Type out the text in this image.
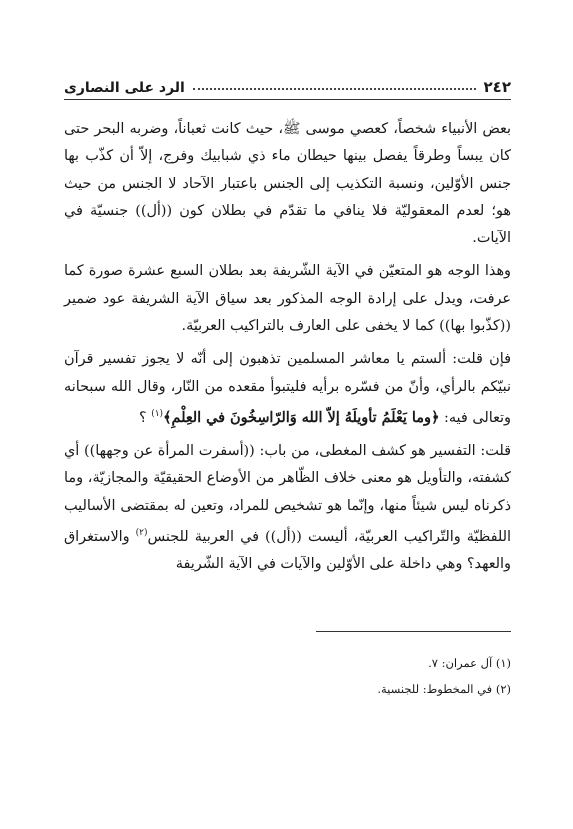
٢٤٢
الرد على النصارى

بعض الأنبياء شخصاً، كعصي موسى ﷺ، حيث كانت ثعباناً، وضربه البحر حتى كان يبساً وطرقاً يفصل بينها حيطان ماء ذي شبابيك وفرج، إلاّ أن كذّب بها جنس الأوّلين، ونسبة التكذيب إلى الجنس باعتبار الآحاد لا الجنس من حيث هو؛ لعدم المعقوليّة فلا ينافي ما تقدّم في بطلان كون ((أل)) جنسيّة في الآيات.

وهذا الوجه هو المتعيّن في الآية الشّريفة بعد بطلان السبع عشرة صورة كما عرفت، ويدل على إرادة الوجه المذكور بعد سياق الآية الشريفة عود ضمير ((كذّبوا بها)) كما لا يخفى على العارف بالتراكيب العربيّة.

فإن قلت: ألستم يا معاشر المسلمين تذهبون إلى أنّه لا يجوز تفسير قرآن نبيّكم بالرأي، وأنّ من فسّره برأيه فليتبوأ مقعده من النّار، وقال الله سبحانه وتعالى فيه: ﴿وما يَعْلَمُ تأويلَهُ إلاّ الله وَالرّاسِخُونَ في العِلْمِ﴾$^{(١)}$ ؟

قلت: التفسير هو كشف المغطى، من باب: ((أسفرت المرأة عن وجهها)) أي كشفته، والتأويل هو معنى خلاف الظّاهر من الأوضاع الحقيقيّة والمجازيّة، وما ذكرناه ليس شيئاً منها، وإنّما هو تشخيص للمراد، وتعين له بمقتضى الأساليب اللفظيّة والتّراكيب العربيّة، أليست ((أل)) في العربية للجنس$^{(٢)}$ والاستغراق والعهد؟ وهي داخلة على الأوّلين والآيات في الآية الشّريفة

(١) آل عمران: ٧.

(٢) في المخطوط: للجنسية.
